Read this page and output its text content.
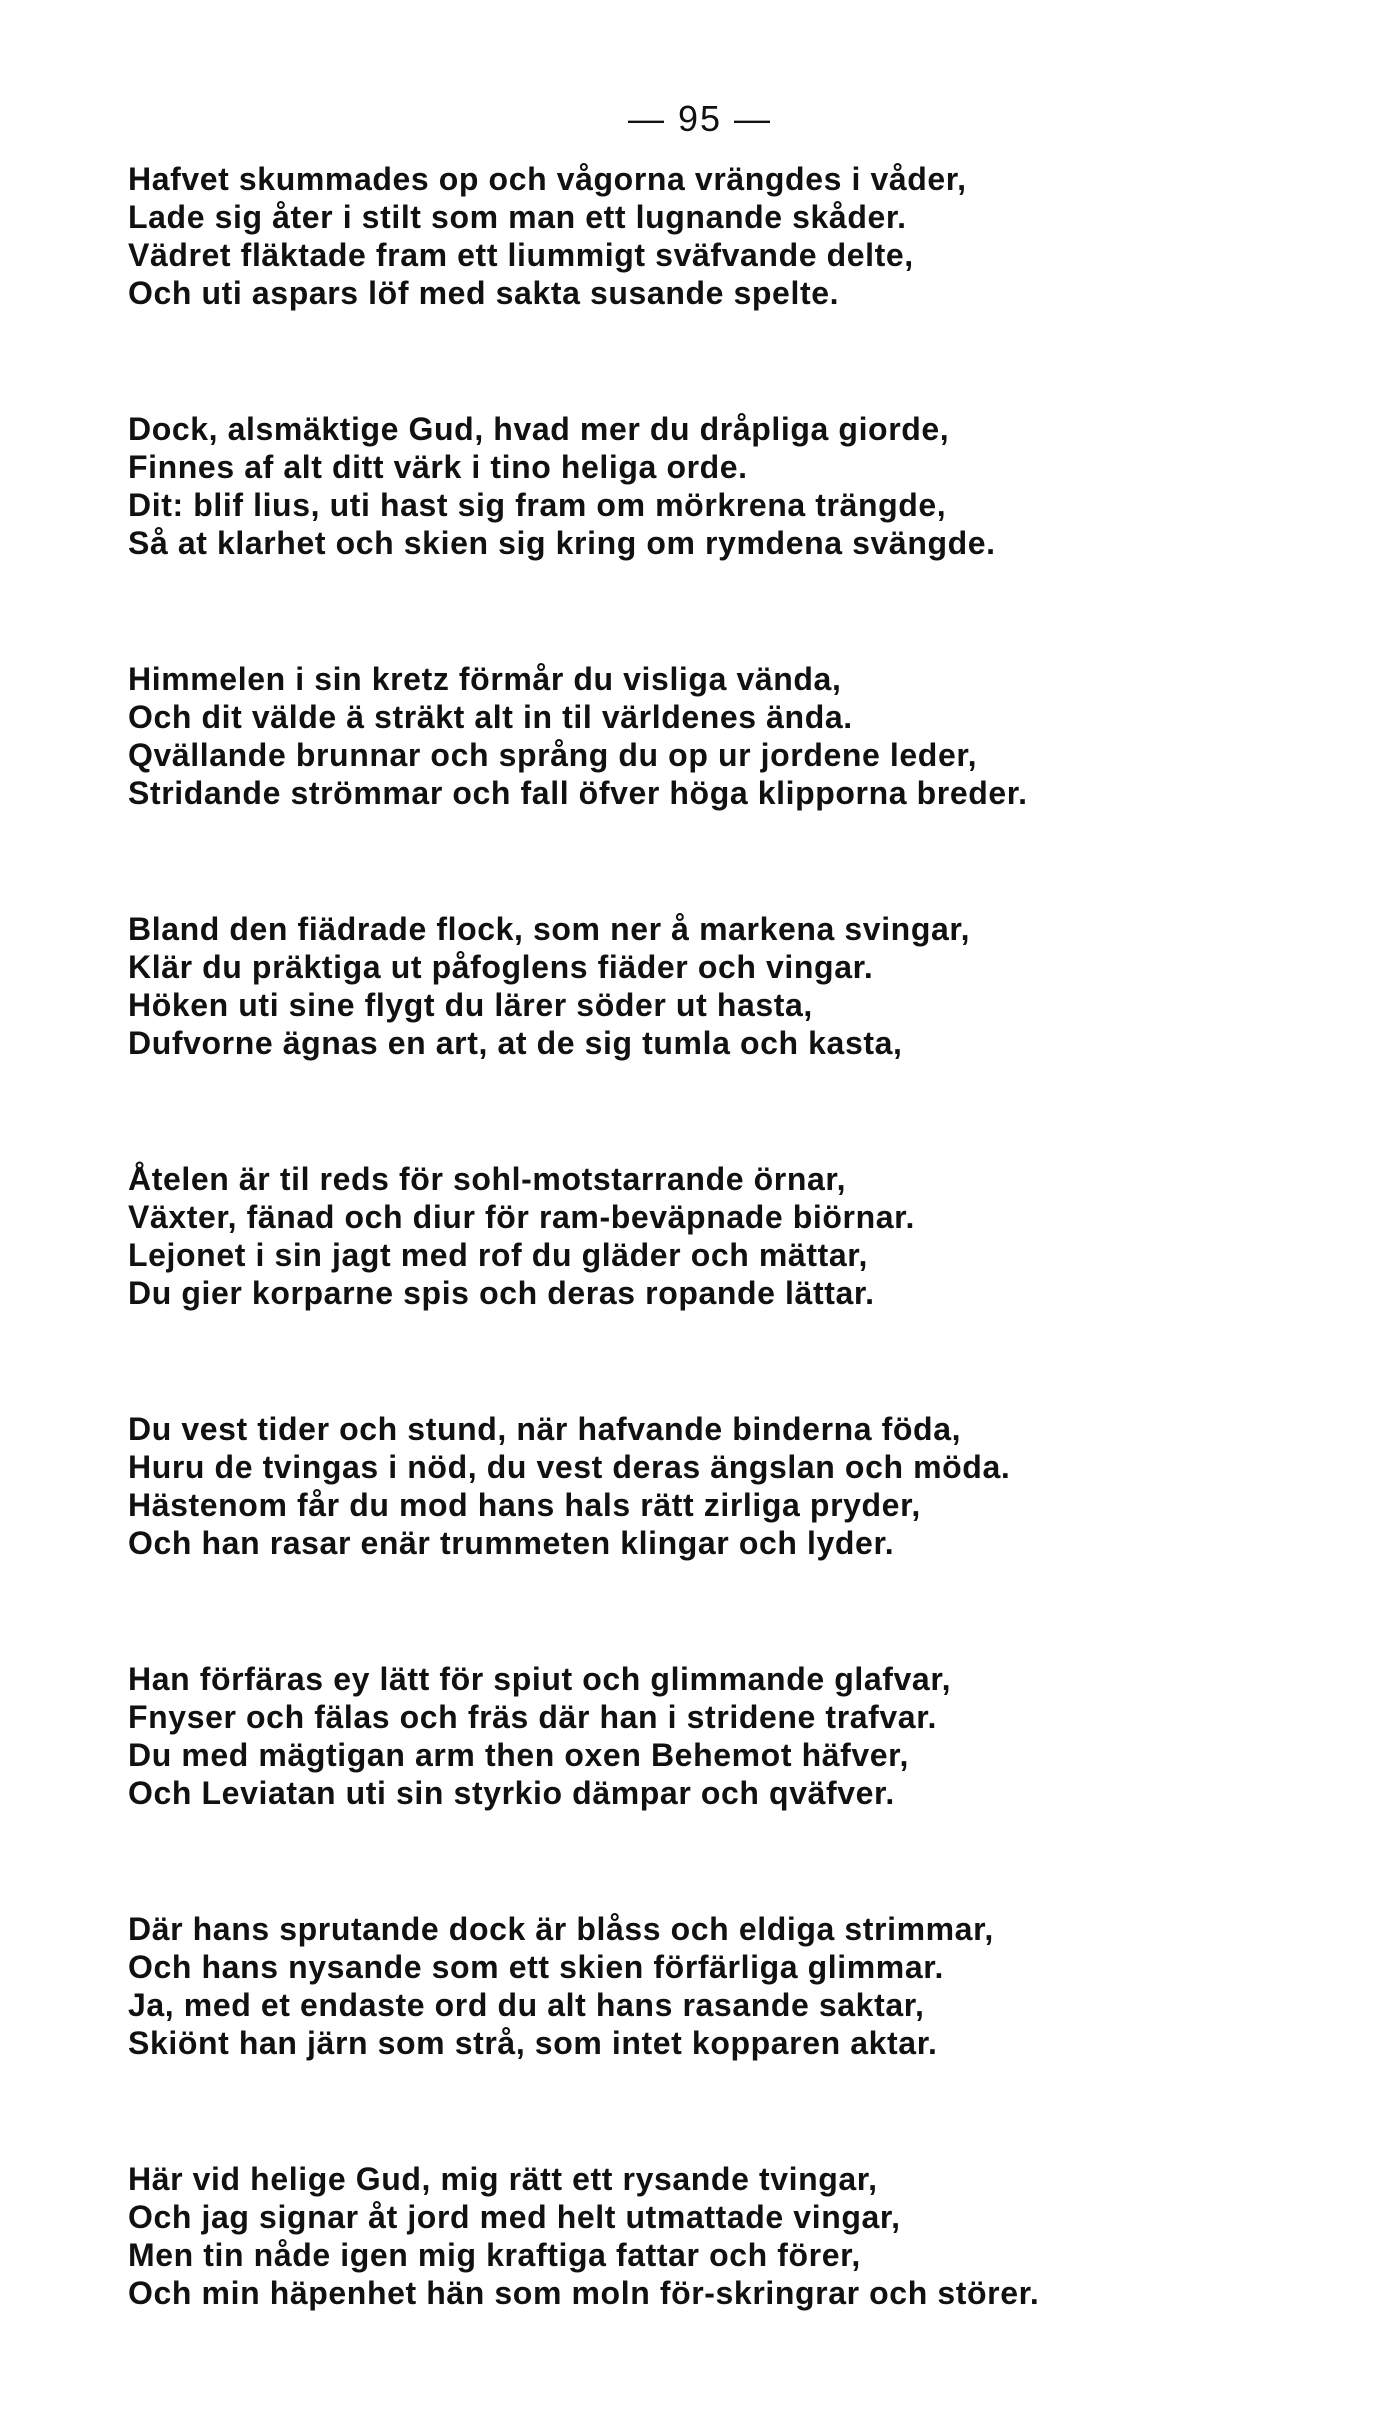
— 95 —
Hafvet skummades op och vågorna vrängdes i våder,
Lade sig åter i stilt som man ett lugnande skåder.
Vädret fläktade fram ett liummigt sväfvande delte,
Och uti aspars löf med sakta susande spelte.
Dock, alsmäktige Gud, hvad mer du dråpliga giorde,
Finnes af alt ditt värk i tino heliga orde.
Dit: blif lius, uti hast sig fram om mörkrena trängde,
Så at klarhet och skien sig kring om rymdena svängde.
Himmelen i sin kretz förmår du visliga vända,
Och dit välde ä sträkt alt in til världenes ända.
Qvällande brunnar och språng du op ur jordene leder,
Stridande strömmar och fall öfver höga klipporna breder.
Bland den fiädrade flock, som ner å markena svingar,
Klär du präktiga ut påfoglens fiäder och vingar.
Höken uti sine flygt du lärer söder ut hasta,
Dufvorne ägnas en art, at de sig tumla och kasta,
Åtelen är til reds för sohl-motstarrande örnar,
Växter, fänad och diur för ram-beväpnade biörnar.
Lejonet i sin jagt med rof du gläder och mättar,
Du gier korparne spis och deras ropande lättar.
Du vest tider och stund, när hafvande binderna föda,
Huru de tvingas i nöd, du vest deras ängslan och möda.
Hästenom får du mod hans hals rätt zirliga pryder,
Och han rasar enär trummeten klingar och lyder.
Han förfäras ey lätt för spiut och glimmande glafvar,
Fnyser och fälas och fräs där han i stridene trafvar.
Du med mägtigan arm then oxen Behemot häfver,
Och Leviatan uti sin styrkio dämpar och qväfver.
Där hans sprutande dock är blåss och eldiga strimmar,
Och hans nysande som ett skien förfärliga glimmar.
Ja, med et endaste ord du alt hans rasande saktar,
Skiönt han järn som strå, som intet kopparen aktar.
Här vid helige Gud, mig rätt ett rysande tvingar,
Och jag signar åt jord med helt utmattade vingar,
Men tin nåde igen mig kraftiga fattar och förer,
Och min häpenhet hän som moln för-skringrar och störer.
